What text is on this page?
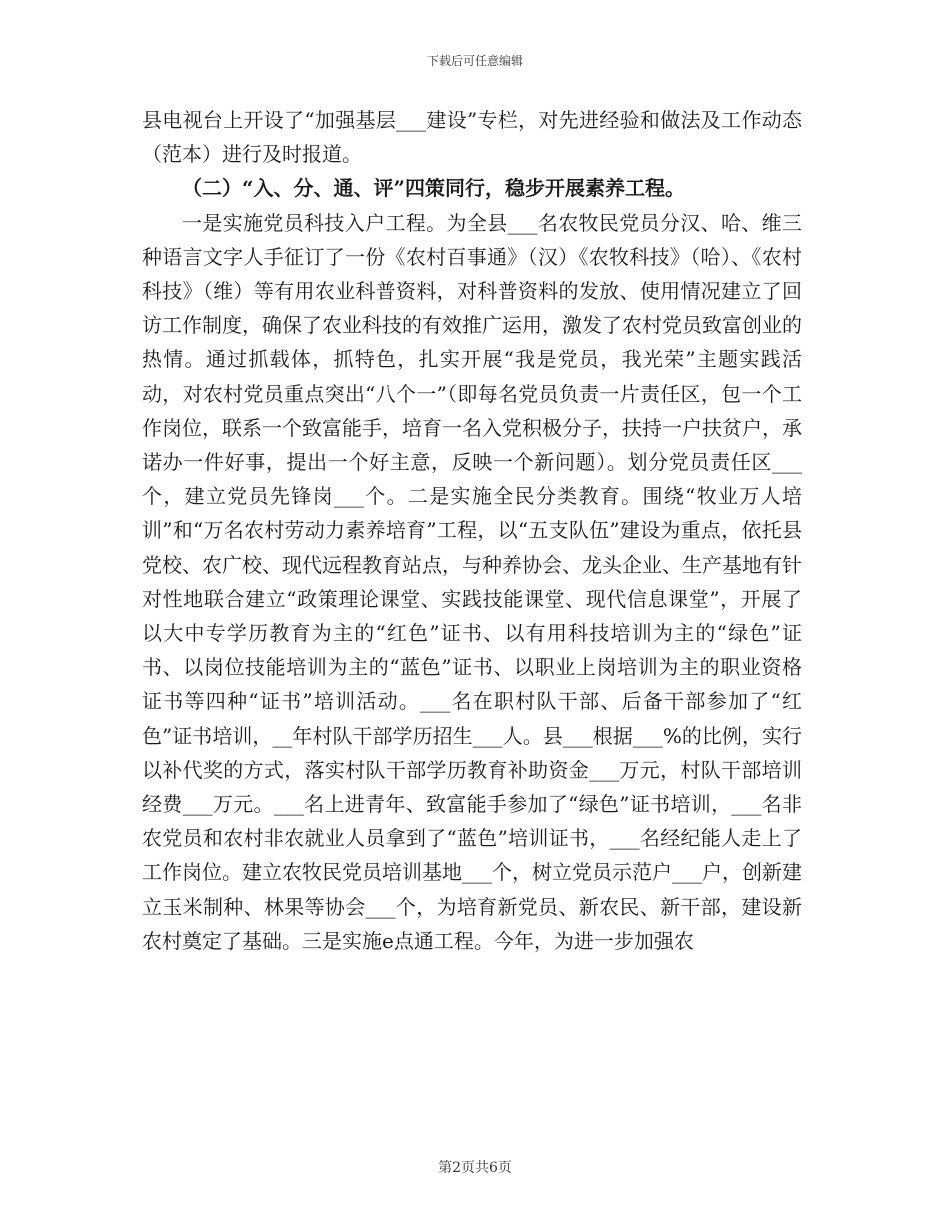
下载后可任意编辑

县电视台上开设了“加强基层___建设”专栏，对先进经验和做法及工作动态（范本）进行及时报道。

（二）“入、分、通、评”四策同行，稳步开展素养工程。

一是实施党员科技入户工程。为全县___名农牧民党员分汉、哈、维三种语言文字人手征订了一份《农村百事通》（汉）《农牧科技》（哈）、《农村科技》（维）等有用农业科普资料，对科普资料的发放、使用情况建立了回访工作制度，确保了农业科技的有效推广运用，激发了农村党员致富创业的热情。通过抓载体，抓特色，扎实开展“我是党员，我光荣”主题实践活动，对农村党员重点突出“八个一”（即每名党员负责一片责任区，包一个工作岗位，联系一个致富能手，培育一名入党积极分子，扶持一户扶贫户，承诺办一件好事，提出一个好主意，反映一个新问题）。划分党员责任区___个，建立党员先锋岗___个。二是实施全民分类教育。围绕“牧业万人培训”和“万名农村劳动力素养培育”工程，以“五支队伍”建设为重点，依托县党校、农广校、现代远程教育站点，与种养协会、龙头企业、生产基地有针对性地联合建立“政策理论课堂、实践技能课堂、现代信息课堂”，开展了以大中专学历教育为主的“红色”证书、以有用科技培训为主的“绿色”证书、以岗位技能培训为主的“蓝色”证书、以职业上岗培训为主的职业资格证书等四种“证书”培训活动。___名在职村队干部、后备干部参加了“红色”证书培训，__年村队干部学历招生___人。县___根据___%的比例，实行以补代奖的方式，落实村队干部学历教育补助资金___万元，村队干部培训经费___万元。___名上进青年、致富能手参加了“绿色”证书培训，___名非农党员和农村非农就业人员拿到了“蓝色”培训证书，___名经纪能人走上了工作岗位。建立农牧民党员培训基地___个，树立党员示范户___户，创新建立玉米制种、林果等协会___个，为培育新党员、新农民、新干部，建设新农村奠定了基础。三是实施e点通工程。今年，为进一步加强农

第2页共6页
